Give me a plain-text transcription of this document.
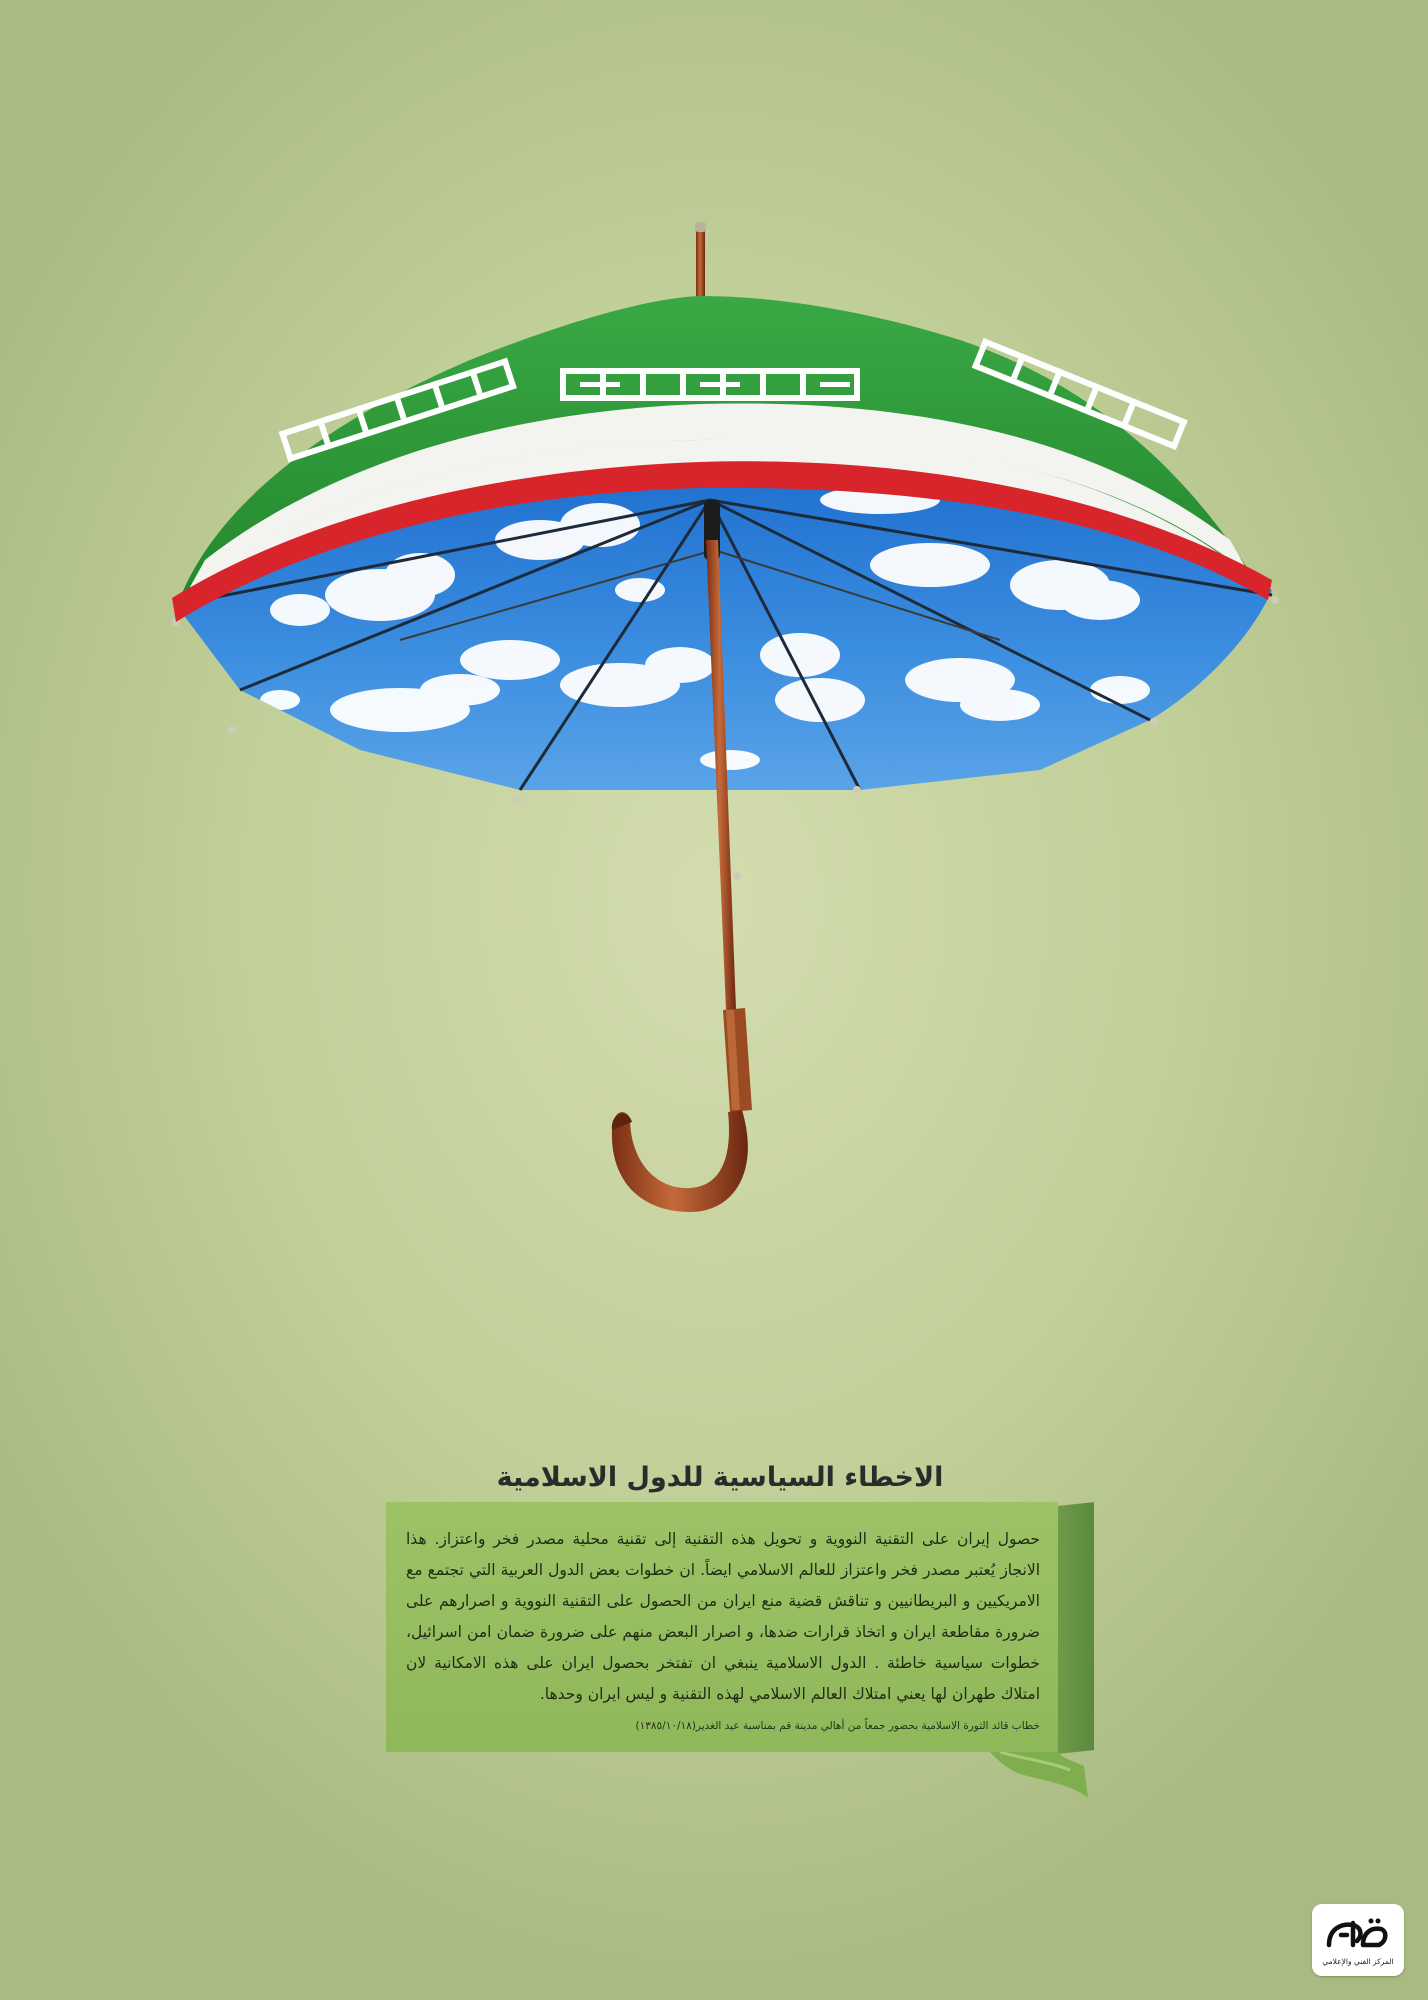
الاخطاء السیاسية للدول الاسلامية
حصول إيران على التقنية النووية و تحويل هذه التقنية إلى تقنية محلية مصدر فخر واعتزاز. هذا الانجاز يُعتبر مصدر فخر واعتزاز للعالم الاسلامي ايضاً. ان خطوات بعض الدول العربية التي تجتمع مع الامريكيين و البريطانيين و تناقش قضية منع ايران من الحصول على التقنية النووية و اصرارهم على ضرورة مقاطعة ايران و اتخاذ قرارات ضدها، و اصرار البعض منهم على ضرورة ضمان امن اسرائيل، خطوات سياسية خاطئة . الدول الاسلامية ينبغي ان تفتخر بحصول ايران على هذه الامكانية لان امتلاك طهران لها يعني امتلاك العالم الاسلامي لهذه التقنية و ليس ايران وحدها.
خطاب قائد الثورة الاسلامية بحضور جمعاً من أهالي مدينة قم بمناسبة عيد الغدير(١٣٨٥/١٠/١٨)
المركز الفني والإعلامي
